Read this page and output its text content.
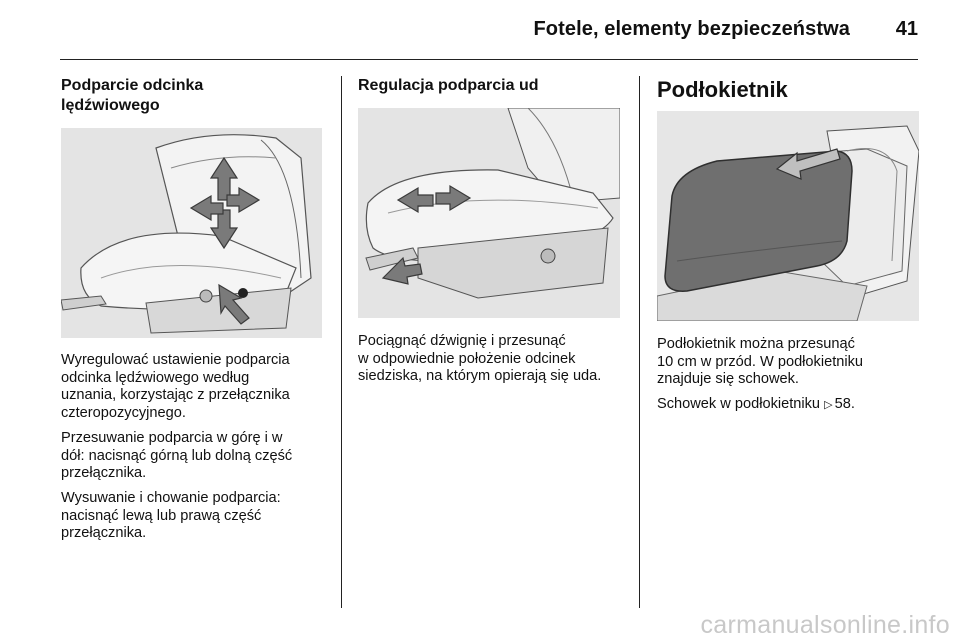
Fotele, elementy bezpieczeństwa 41
Podparcie odcinka
lędźwiowego

Wyregulować ustawienie podparcia
odcinka lędźwiowego według
uznania, korzystając z przełącznika
czteropozycyjnego.

Przesuwanie podparcia w górę i w
dół: nacisnąć górną lub dolną część
przełącznika.

Wysuwanie i chowanie podparcia:
nacisnąć lewą lub prawą część
przełącznika.

Regulacja podparcia ud

Pociągnąć dźwignię i przesunąć
w odpowiednie położenie odcinek
siedziska, na którym opierają się uda.

Podłokietnik

Podłokietnik można przesunąć
10 cm w przód. W podłokietniku
znajduje się schowek.

Schowek w podłokietniku ▷ 58.

carmanualsonline.info
